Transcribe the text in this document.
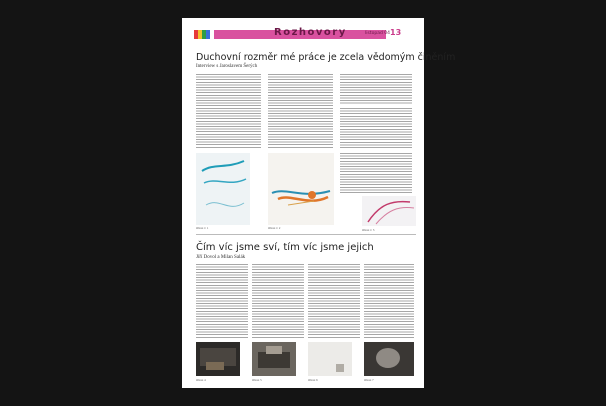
Rozhovory	listopad 04 13
Duchovní rozměr mé práce je zcela vědomým činěním
Interview s Jaroslavem Šerých
Obraz č. 1	Obraz č. 2	Obraz č. 3
Čím víc jsme sví, tím víc jsme jejich
Jiří Dovol a Milan Salák
Obraz 4	Obraz 5	Obraz 6	Obraz 7
